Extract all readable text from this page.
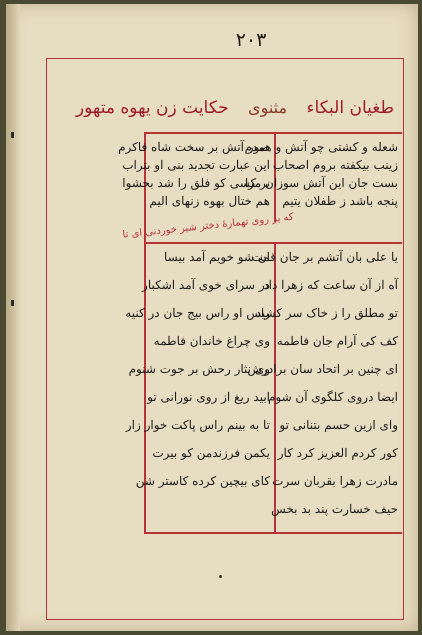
۲۰۳
طغیان البکاء مثنوی حکایت زن یهوه متهور
شعله و کشتی چو آتش و همدم
زینب بیکفته بروم اصحاب
بست جان این آتش سوزان مرا
پنجه باشد ز طفلان یتیم
صور آتش بر سخت شاه فاکرم
این عبارت تجدید بنی او بتراب
بر کسی کو فلق را شد بحشوا
هم ختال بهوه زنهای الیم
که بز روی تهمارهٔ دختر شیر خوردنی ای تا
یا علی بان آتشم بر جان قمت
آه از آن ساعت که زهرا داد
تو مطلق را ز خاک سر کشید
کف کی آرام جان فاطمه
ای چنین بر اتحاد سان برادرش
ایضا دروی کلگوی آن شوم
وای ازین حسم بتنانی تو
کور کردم العزیز کرد کار
مادرت زهرا بقربان سرت
حیف خسارت پند بد بخس
ان شو خویم آمد بیسا
در سرای خوی آمد اشکبار
راس او راس بیج جان در کنیه
وی چراغ خاندان فاطمه
وی نثار رحش بر جوت شنوم
ابید ریغ از روی نورانی تو
تا به بینم راس پاکت خوار زار
یکمن فرزندمن کو بیرت
کای بیچین کرده کاستر شن
